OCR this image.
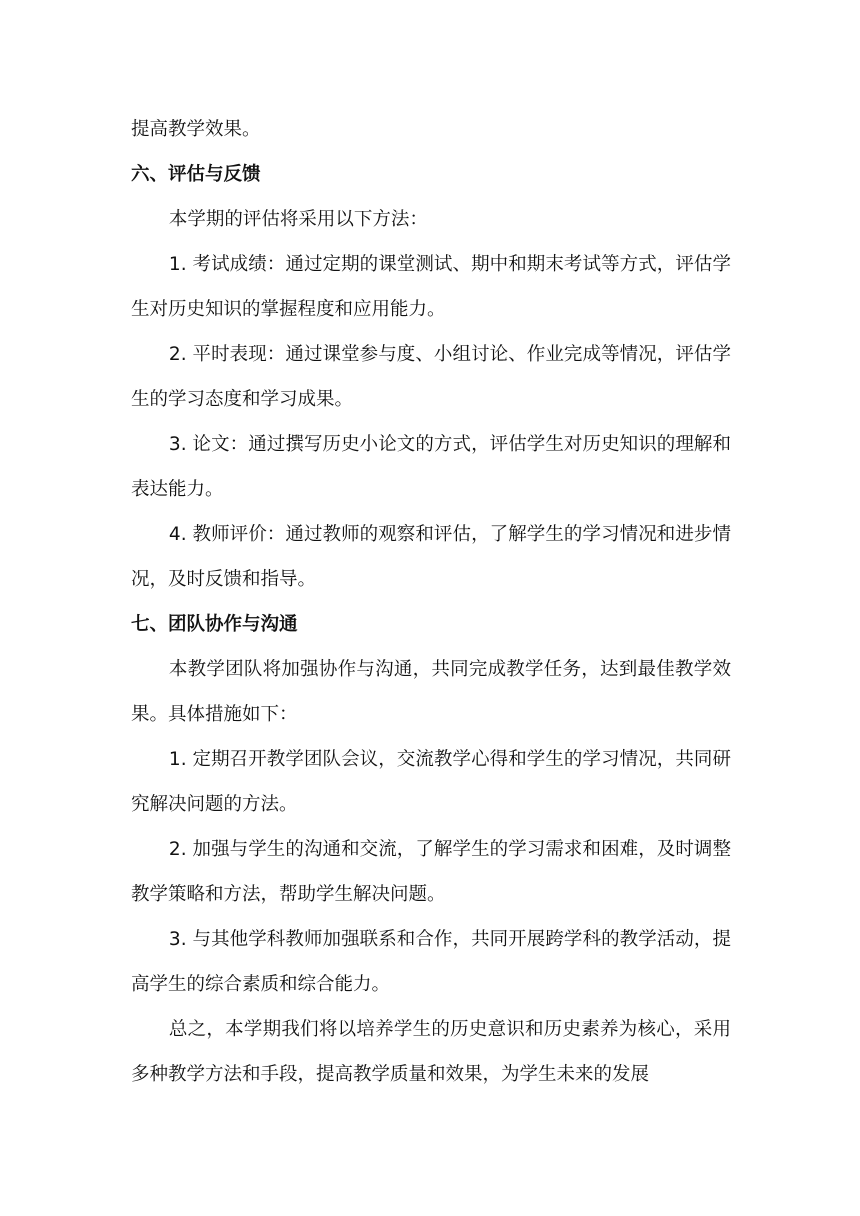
提高教学效果。

六、评估与反馈

本学期的评估将采用以下方法：

1. 考试成绩：通过定期的课堂测试、期中和期末考试等方式，评估学生对历史知识的掌握程度和应用能力。

2. 平时表现：通过课堂参与度、小组讨论、作业完成等情况，评估学生的学习态度和学习成果。

3. 论文：通过撰写历史小论文的方式，评估学生对历史知识的理解和表达能力。

4. 教师评价：通过教师的观察和评估，了解学生的学习情况和进步情况，及时反馈和指导。

七、团队协作与沟通

本教学团队将加强协作与沟通，共同完成教学任务，达到最佳教学效果。具体措施如下：

1. 定期召开教学团队会议，交流教学心得和学生的学习情况，共同研究解决问题的方法。

2. 加强与学生的沟通和交流，了解学生的学习需求和困难，及时调整教学策略和方法，帮助学生解决问题。

3. 与其他学科教师加强联系和合作，共同开展跨学科的教学活动，提高学生的综合素质和综合能力。

总之，本学期我们将以培养学生的历史意识和历史素养为核心，采用多种教学方法和手段，提高教学质量和效果，为学生未来的发展
